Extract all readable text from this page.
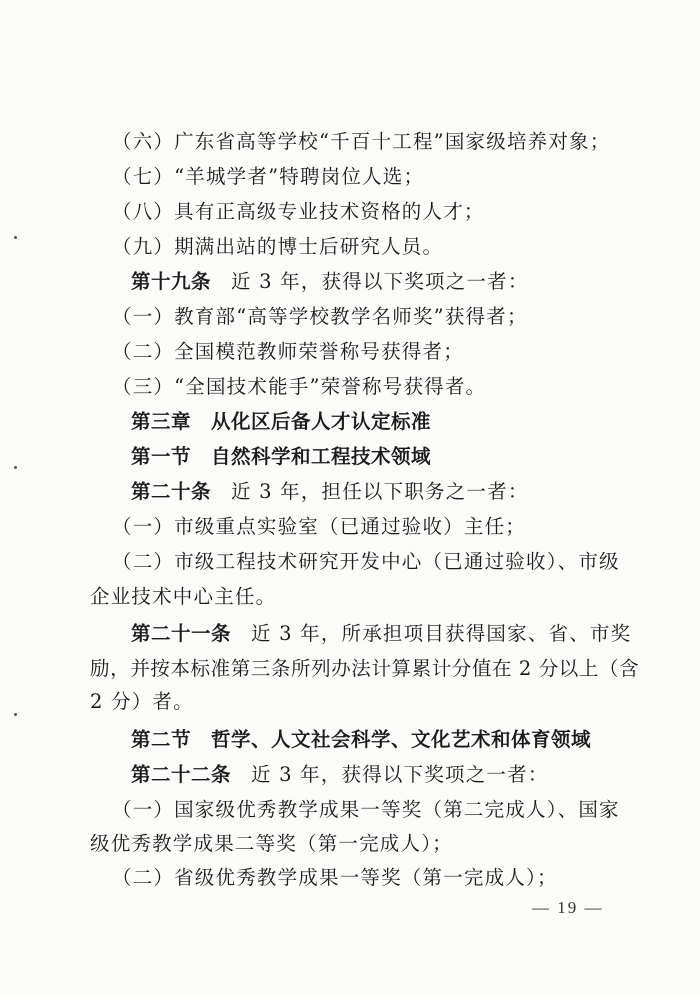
（六）广东省高等学校“千百十工程”国家级培养对象；
（七）“羊城学者”特聘岗位人选；
（八）具有正高级专业技术资格的人才；
（九）期满出站的博士后研究人员。
第十九条 近 3 年，获得以下奖项之一者：
（一）教育部“高等学校教学名师奖”获得者；
（二）全国模范教师荣誉称号获得者；
（三）“全国技术能手”荣誉称号获得者。
第三章　从化区后备人才认定标准
第一节 自然科学和工程技术领域
第二十条 近 3 年，担任以下职务之一者：
（一）市级重点实验室（已通过验收）主任；
（二）市级工程技术研究开发中心（已通过验收）、市级
企业技术中心主任。
第二十一条 近 3 年，所承担项目获得国家、省、市奖
励，并按本标准第三条所列办法计算累计分值在 2 分以上（含
2 分）者。
第二节 哲学、人文社会科学、文化艺术和体育领域
第二十二条 近 3 年，获得以下奖项之一者：
（一）国家级优秀教学成果一等奖（第二完成人）、国家
级优秀教学成果二等奖（第一完成人）；
（二）省级优秀教学成果一等奖（第一完成人）；
— 19 —
